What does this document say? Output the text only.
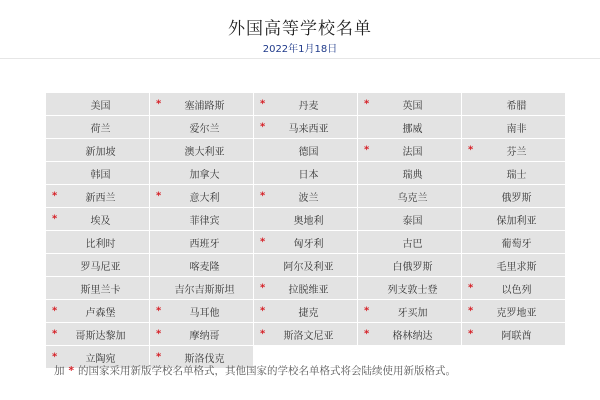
外国高等学校名单
2022年1月18日
美国	*	塞浦路斯	*	丹麦	*	英国	希腊
荷兰	爱尔兰	*	马来西亚	挪威	南非
新加坡	澳大利亚	德国	*	法国	*	芬兰
韩国	加拿大	日本	瑞典	瑞士
*	新西兰	*	意大利	*	波兰	乌克兰	俄罗斯
*	埃及	菲律宾	奥地利	泰国	保加利亚
比利时	西班牙	*	匈牙利	古巴	葡萄牙
罗马尼亚	喀麦隆	阿尔及利亚	白俄罗斯	毛里求斯
斯里兰卡	吉尔吉斯斯坦	*	拉脱维亚	列支敦士登	*	以色列
*	卢森堡	*	马耳他	*	捷克	*	牙买加	*	克罗地亚
*	哥斯达黎加	*	摩纳哥	*	斯洛文尼亚	*	格林纳达	*	阿联酋
*	立陶宛	*	斯洛伐克
加 * 的国家采用新版学校名单格式，其他国家的学校名单格式将会陆续使用新版格式。
